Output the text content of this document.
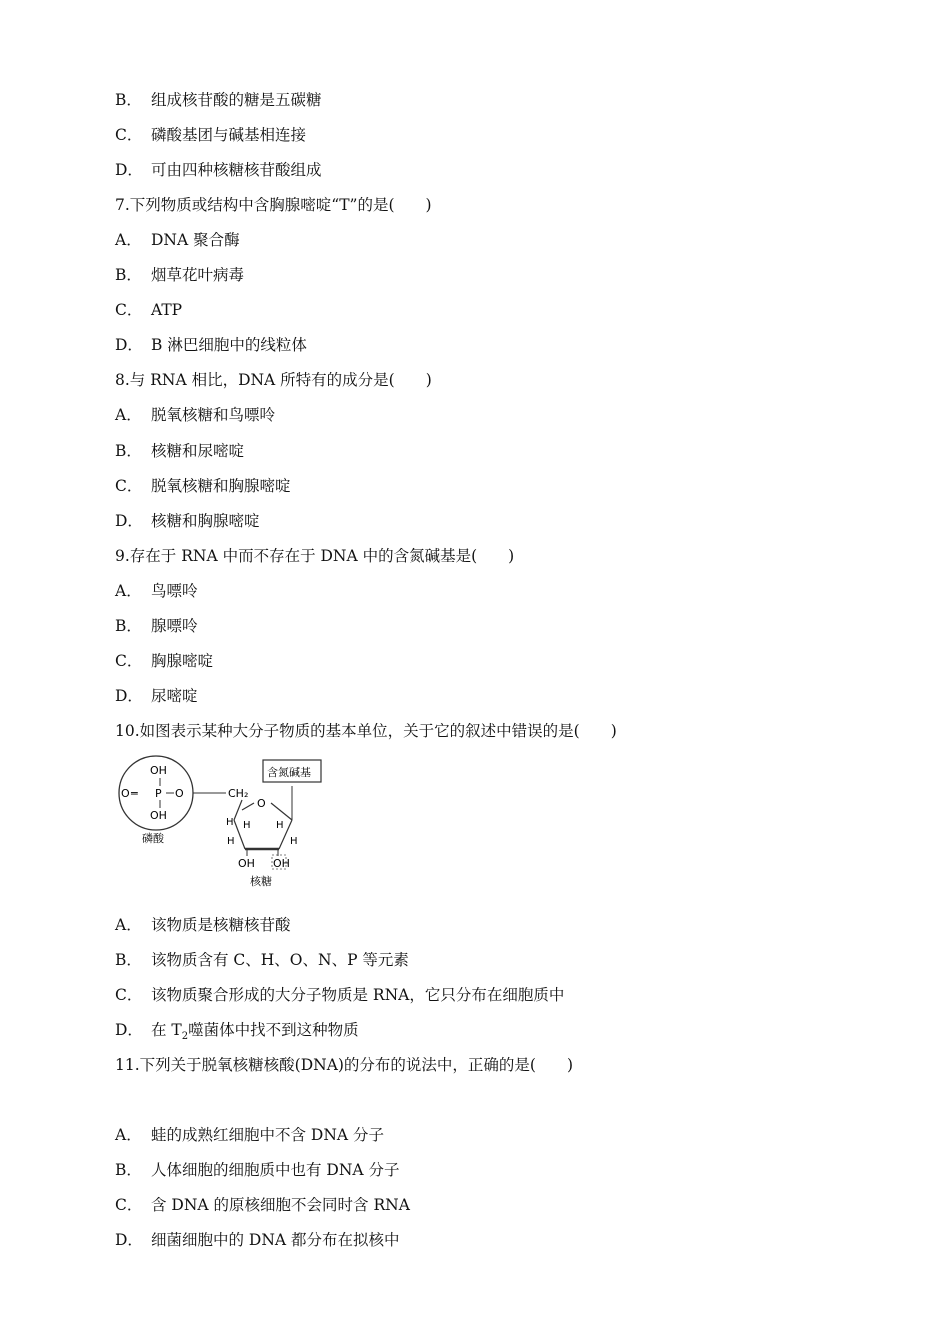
B． 组成核苷酸的糖是五碳糖
C． 磷酸基团与碱基相连接
D． 可由四种核糖核苷酸组成
7.下列物质或结构中含胸腺嘧啶“T”的是(　　)
A． DNA 聚合酶
B． 烟草花叶病毒
C． ATP
D． B 淋巴细胞中的线粒体
8.与 RNA 相比，DNA 所特有的成分是(　　)
A． 脱氧核糖和鸟嘌呤
B． 核糖和尿嘧啶
C． 脱氧核糖和胸腺嘧啶
D． 核糖和胸腺嘧啶
9.存在于 RNA 中而不存在于 DNA 中的含氮碱基是(　　)
A． 鸟嘌呤
B． 腺嘌呤
C． 胸腺嘧啶
D． 尿嘧啶
10.如图表示某种大分子物质的基本单位，关于它的叙述中错误的是(　　)
OH
O ═ P O
OH
磷酸
CH₂
O
含氮碱基
H H	H
H
H
OH OH
核糖
A． 该物质是核糖核苷酸
B． 该物质含有 C、H、O、N、P 等元素
C． 该物质聚合形成的大分子物质是 RNA，它只分布在细胞质中
D． 在 $T_2$噬菌体中找不到这种物质
11.下列关于脱氧核糖核酸(DNA)的分布的说法中，正确的是(　　)
A． 蛙的成熟红细胞中不含 DNA 分子
B． 人体细胞的细胞质中也有 DNA 分子
C． 含 DNA 的原核细胞不会同时含 RNA
D． 细菌细胞中的 DNA 都分布在拟核中
